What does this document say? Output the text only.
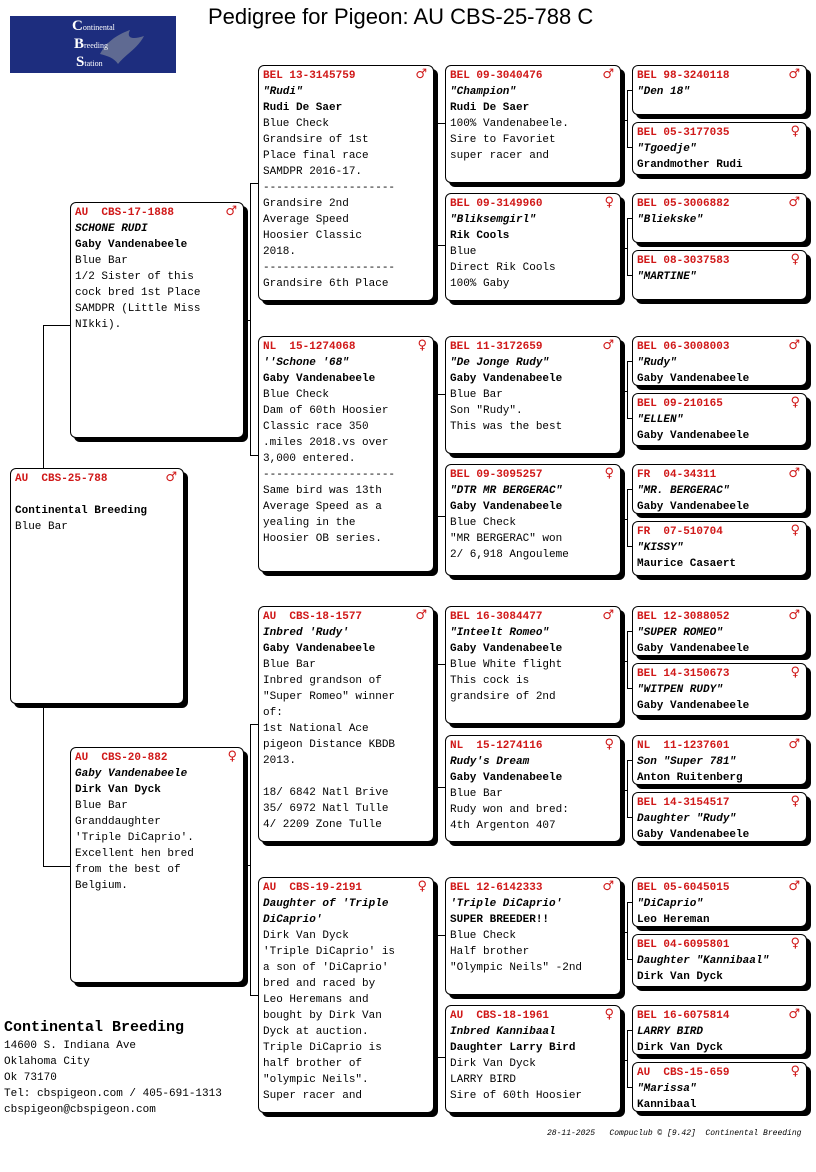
Pedigree for Pigeon: AU CBS-25-788 C
Continental
Breeding
Station
AU  CBS-25-788	♂

Continental Breeding
Blue Bar
AU  CBS-17-1888	♂
SCHONE RUDI
Gaby Vandenabeele
Blue Bar
1/2 Sister of this
cock bred 1st Place
SAMDPR (Little Miss
NIkki).
AU  CBS-20-882	♀
Gaby Vandenabeele
Dirk Van Dyck
Blue Bar
Granddaughter
'Triple DiCaprio'.
Excellent hen bred
from the best of
Belgium.
BEL 13-3145759	♂
"Rudi"
Rudi De Saer
Blue Check
Grandsire of 1st
Place final race
SAMDPR 2016-17.
--------------------
Grandsire 2nd
Average Speed
Hoosier Classic
2018.
--------------------
Grandsire 6th Place
NL  15-1274068	♀
''Schone '68"
Gaby Vandenabeele
Blue Check
Dam of 60th Hoosier
Classic race 350
.miles 2018.vs over
3,000 entered.
--------------------
Same bird was 13th
Average Speed as a
yealing in the
Hoosier OB series.
AU  CBS-18-1577	♂
Inbred 'Rudy'
Gaby Vandenabeele
Blue Bar
Inbred grandson of
"Super Romeo" winner
of:
1st National Ace
pigeon Distance KBDB
2013.

18/ 6842 Natl Brive
35/ 6972 Natl Tulle
4/ 2209 Zone Tulle
AU  CBS-19-2191	♀
Daughter of 'Triple
DiCaprio'
Dirk Van Dyck
'Triple DiCaprio' is
a son of 'DiCaprio'
bred and raced by
Leo Heremans and
bought by Dirk Van
Dyck at auction.
Triple DiCaprio is
half brother of
"olympic Neils".
Super racer and
BEL 09-3040476	♂
"Champion"
Rudi De Saer
100% Vandenabeele.
Sire to Favoriet
super racer and
BEL 09-3149960	♀
"Bliksemgirl"
Rik Cools
Blue
Direct Rik Cools
100% Gaby
BEL 11-3172659	♂
"De Jonge Rudy"
Gaby Vandenabeele
Blue Bar
Son "Rudy".
This was the best
BEL 09-3095257	♀
"DTR MR BERGERAC"
Gaby Vandenabeele
Blue Check
"MR BERGERAC" won
2/ 6,918 Angouleme
BEL 16-3084477	♂
"Inteelt Romeo"
Gaby Vandenabeele
Blue White flight
This cock is
grandsire of 2nd
NL  15-1274116	♀
Rudy's Dream
Gaby Vandenabeele
Blue Bar
Rudy won and bred:
4th Argenton 407
BEL 12-6142333	♂
'Triple DiCaprio'
SUPER BREEDER!!
Blue Check
Half brother
"Olympic Neils" -2nd
AU  CBS-18-1961	♀
Inbred Kannibaal
Daughter Larry Bird
Dirk Van Dyck
LARRY BIRD
Sire of 60th Hoosier
BEL 98-3240118	♂
"Den 18"
BEL 05-3177035	♀
"Tgoedje"
Grandmother Rudi
BEL 05-3006882	♂
"Bliekske"
BEL 08-3037583	♀
"MARTINE"
BEL 06-3008003	♂
"Rudy"
Gaby Vandenabeele
BEL 09-210165	♀
"ELLEN"
Gaby Vandenabeele
FR  04-34311	♂
"MR. BERGERAC"
Gaby Vandenabeele
FR  07-510704	♀
"KISSY"
Maurice Casaert
BEL 12-3088052	♂
"SUPER ROMEO"
Gaby Vandenabeele
BEL 14-3150673	♀
"WITPEN RUDY"
Gaby Vandenabeele
NL  11-1237601	♂
Son "Super 781"
Anton Ruitenberg
BEL 14-3154517	♀
Daughter "Rudy"
Gaby Vandenabeele
BEL 05-6045015	♂
"DiCaprio"
Leo Hereman
BEL 04-6095801	♀
Daughter "Kannibaal"
Dirk Van Dyck
BEL 16-6075814	♂
LARRY BIRD
Dirk Van Dyck
AU  CBS-15-659	♀
"Marissa"
Kannibaal
Continental Breeding
14600 S. Indiana Ave
Oklahoma City
Ok 73170
Tel: cbspigeon.com / 405-691-1313
cbspigeon@cbspigeon.com
28-11-2025   Compuclub © [9.42]  Continental Breeding
